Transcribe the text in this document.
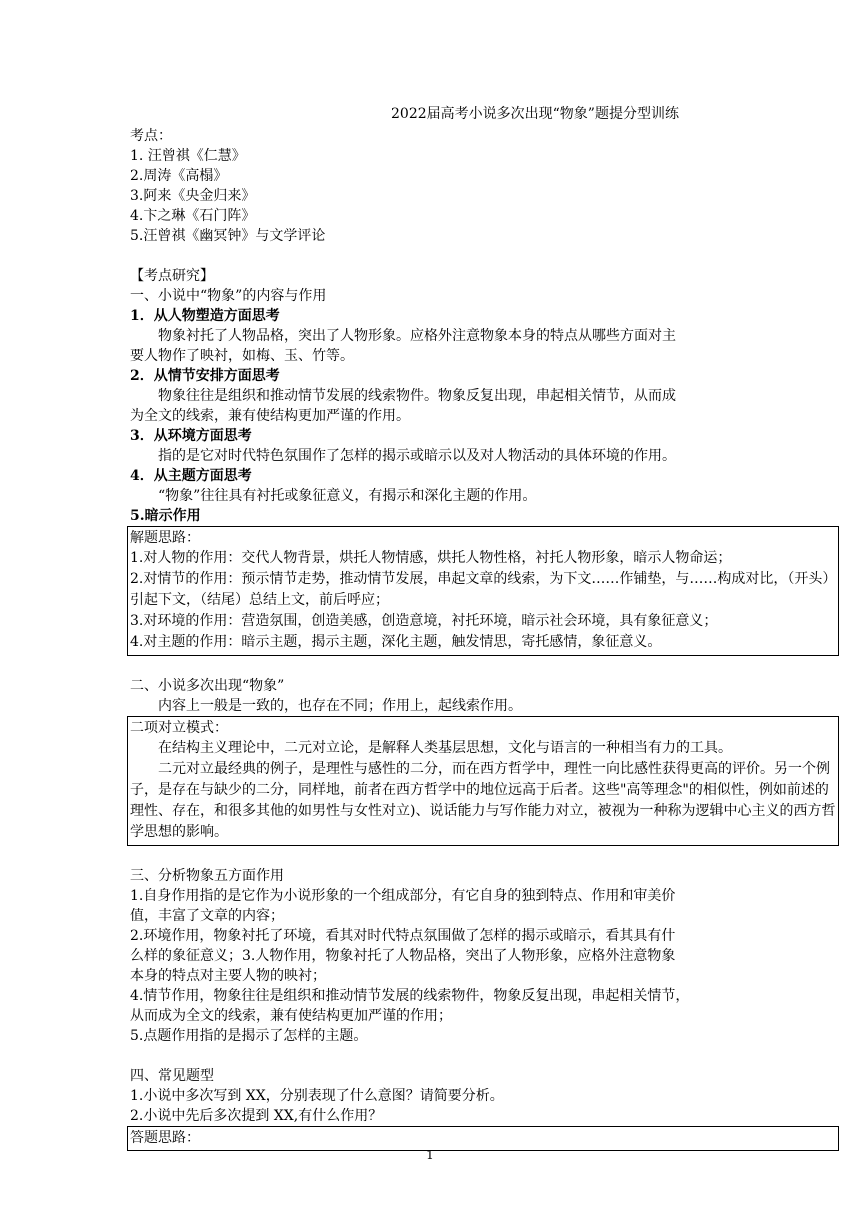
2022届高考小说多次出现“物象”题提分型训练
考点：
1. 汪曾祺《仁慧》
2.周涛《高榻》
3.阿来《央金归来》
4.卞之琳《石门阵》
5.汪曾祺《幽冥钟》与文学评论
【考点研究】
一、小说中“物象”的内容与作用
1．从人物塑造方面思考
物象衬托了人物品格，突出了人物形象。应格外注意物象本身的特点从哪些方面对主
要人物作了映衬，如梅、玉、竹等。
2．从情节安排方面思考
物象往往是组织和推动情节发展的线索物件。物象反复出现，串起相关情节，从而成
为全文的线索，兼有使结构更加严谨的作用。
3．从环境方面思考
指的是它对时代特色氛围作了怎样的揭示或暗示以及对人物活动的具体环境的作用。
4．从主题方面思考
“物象”往往具有衬托或象征意义，有揭示和深化主题的作用。
5.暗示作用
解题思路：
1.对人物的作用：交代人物背景，烘托人物情感，烘托人物性格，衬托人物形象，暗示人物命运；
2.对情节的作用：预示情节走势，推动情节发展，串起文章的线索，为下文……作铺垫，与……构成对比，（开头）引起下文，（结尾）总结上文，前后呼应；
3.对环境的作用：营造氛围，创造美感，创造意境，衬托环境，暗示社会环境，具有象征意义；
4.对主题的作用：暗示主题，揭示主题，深化主题，触发情思，寄托感情，象征意义。
二、小说多次出现“物象”
内容上一般是一致的，也存在不同；作用上，起线索作用。
二项对立模式：
在结构主义理论中，二元对立论，是解释人类基层思想，文化与语言的一种相当有力的工具。
二元对立最经典的例子，是理性与感性的二分，而在西方哲学中，理性一向比感性获得更高的评价。另一个例子，是存在与缺少的二分，同样地，前者在西方哲学中的地位远高于后者。这些"高等理念"的相似性，例如前述的理性、存在，和很多其他的如男性与女性对立)、说话能力与写作能力对立，被视为一种称为逻辑中心主义的西方哲学思想的影响。
三、分析物象五方面作用
1.自身作用指的是它作为小说形象的一个组成部分，有它自身的独到特点、作用和审美价
值，丰富了文章的内容；
2.环境作用，物象衬托了环境，看其对时代特点氛围做了怎样的揭示或暗示，看其具有什
么样的象征意义；3.人物作用，物象衬托了人物品格，突出了人物形象，应格外注意物象
本身的特点对主要人物的映衬；
4.情节作用，物象往往是组织和推动情节发展的线索物件，物象反复出现，串起相关情节，
从而成为全文的线索，兼有使结构更加严谨的作用；
5.点题作用指的是揭示了怎样的主题。
四、常见题型
1.小说中多次写到 XX，分别表现了什么意图？请简要分析。
2.小说中先后多次提到 XX,有什么作用？
答题思路：
1
